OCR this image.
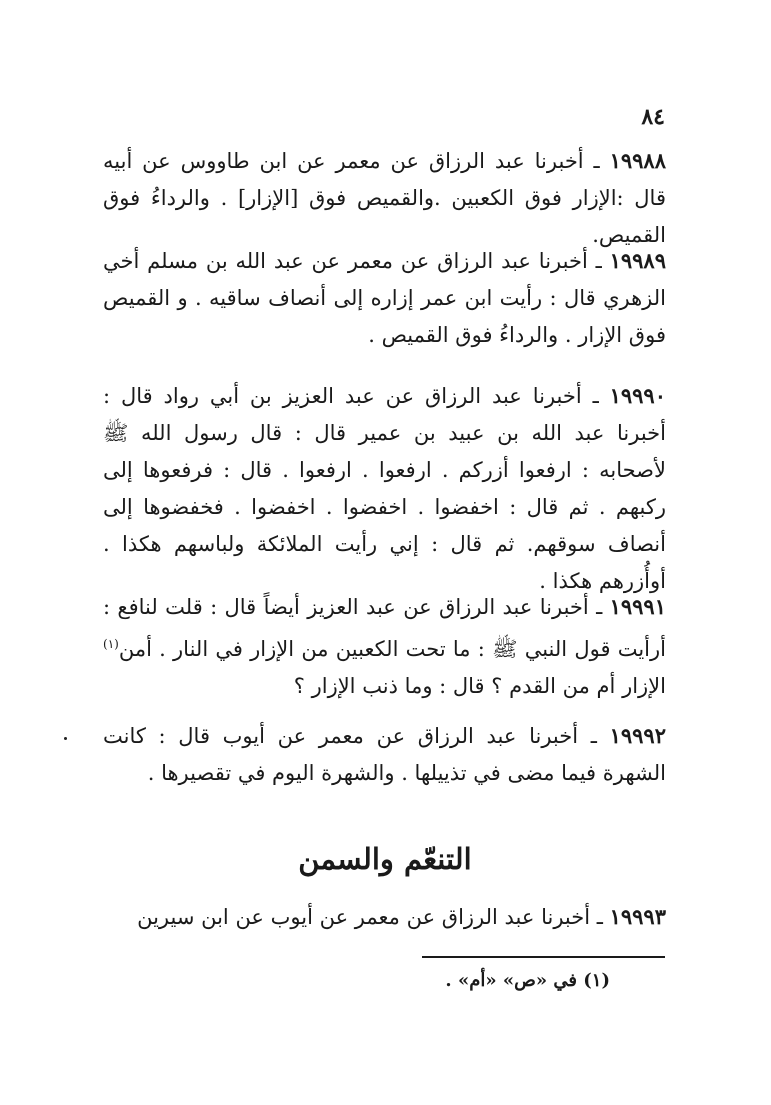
٨٤

١٩٩٨٨ ـ أخبرنا عبد الرزاق عن معمر عن ابن طاووس عن أبيه قال :الإزار فوق الكعبين .والقميص فوق [الإزار] . والرداءُ فوق القميص.

١٩٩٨٩ ـ أخبرنا عبد الرزاق عن معمر عن عبد الله بن مسلم أخي الزهري قال : رأيت ابن عمر إزاره إلى أنصاف ساقيه . و القميص فوق الإزار . والرداءُ فوق القميص .

١٩٩٩٠ ـ أخبرنا عبد الرزاق عن عبد العزيز بن أبي رواد قال : أخبرنا عبد الله بن عبيد بن عمير قال : قال رسول الله ﷺ لأصحابه : ارفعوا أزركم . ارفعوا . ارفعوا . قال : فرفعوها إلى ركبهم . ثم قال : اخفضوا . اخفضوا . اخفضوا . فخفضوها إلى أنصاف سوقهم. ثم قال : إني رأيت الملائكة ولباسهم هكذا . أوأُزرهم هكذا .

١٩٩٩١ ـ أخبرنا عبد الرزاق عن عبد العزيز أيضاً قال : قلت لنافع : أرأيت قول النبي ﷺ : ما تحت الكعبين من الإزار في النار . أمن$^{(١)}$ الإزار أم من القدم ؟ قال : وما ذنب الإزار ؟

١٩٩٩٢ ـ أخبرنا عبد الرزاق عن معمر عن أيوب قال : كانت الشهرة فيما مضى في تذييلها . والشهرة اليوم في تقصيرها .

التنعّم والسمن

١٩٩٩٣ ـ أخبرنا عبد الرزاق عن معمر عن أيوب عن ابن سيرين

(١) في «ص» «أم» .
